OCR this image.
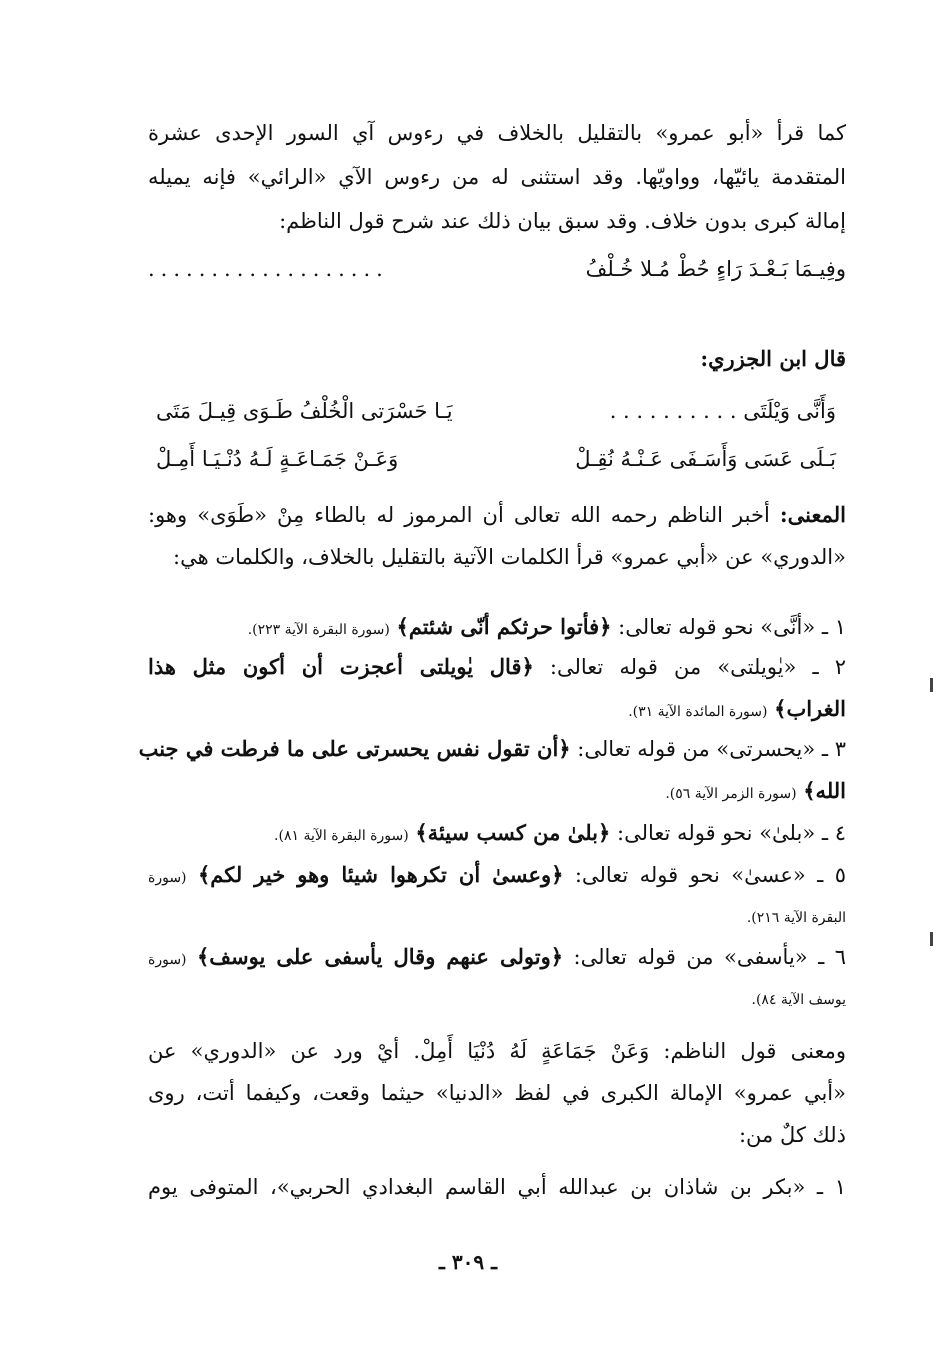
كما قرأ «أبو عمرو» بالتقليل بالخلاف في رءوس آي السور الإحدى عشرة
المتقدمة يائيّها، وواويّها. وقد استثنى له من رءوس الآي «الرائي» فإنه يميله
إمالة كبرى بدون خلاف. وقد سبق بيان ذلك عند شرح قول الناظم:
وفِيـمَا بَـعْـدَ رَاءٍ حُطْ مُـلا خُـلْفُ
...................
قال ابن الجزري:
وَأَنَّى وَيْلَتَى . . . . . . . . . .
يَـا حَسْرَتى الْخُلْفُ طَـوَى قِيـلَ مَتَى
بَـلَى عَسَى وَأَسَـفَى عَـنْـهُ نُقِـلْ
وَعَـنْ جَمَـاعَـةٍ لَـهُ دُنْـيَـا أَمِـلْ
المعنى: أخبر الناظم رحمه الله تعالى أن المرموز له بالطاء مِنْ «طَوَى» وهو:
«الدوري» عن «أبي عمرو» قرأ الكلمات الآتية بالتقليل بالخلاف، والكلمات هي:
١ ـ «أنَّى» نحو قوله تعالى: ﴿فأتوا حرثكم أنّى شئتم﴾ (سورة البقرة الآية ٢٢٣).
٢ ـ «يٰويلتى» من قوله تعالى: ﴿قال يٰويلتى أعجزت أن أكون مثل هذا
الغراب﴾ (سورة المائدة الآية ٣١).
٣ ـ «يحسرتى» من قوله تعالى: ﴿أن تقول نفس يحسرتى على ما فرطت في جنب
الله﴾ (سورة الزمر الآية ٥٦).
٤ ـ «بلىٰ» نحو قوله تعالى: ﴿بلىٰ من كسب سيئة﴾ (سورة البقرة الآية ٨١).
٥ ـ «عسىٰ» نحو قوله تعالى: ﴿وعسىٰ أن تكرهوا شيئا وهو خير لكم﴾ (سورة
البقرة الآية ٢١٦).
٦ ـ «يأسفى» من قوله تعالى: ﴿وتولى عنهم وقال يأسفى على يوسف﴾ (سورة
يوسف الآية ٨٤).
ومعنى قول الناظم: وَعَنْ جَمَاعَةٍ لَهُ دُنْيَا أَمِلْ. أيْ ورد عن «الدوري» عن
«أبي عمرو» الإمالة الكبرى في لفظ «الدنيا» حيثما وقعت، وكيفما أتت، روى
ذلك كلٌ من:
١ ـ «بكر بن شاذان بن عبدالله أبي القاسم البغدادي الحربي»، المتوفى يوم
ـ ٣٠٩ ـ
